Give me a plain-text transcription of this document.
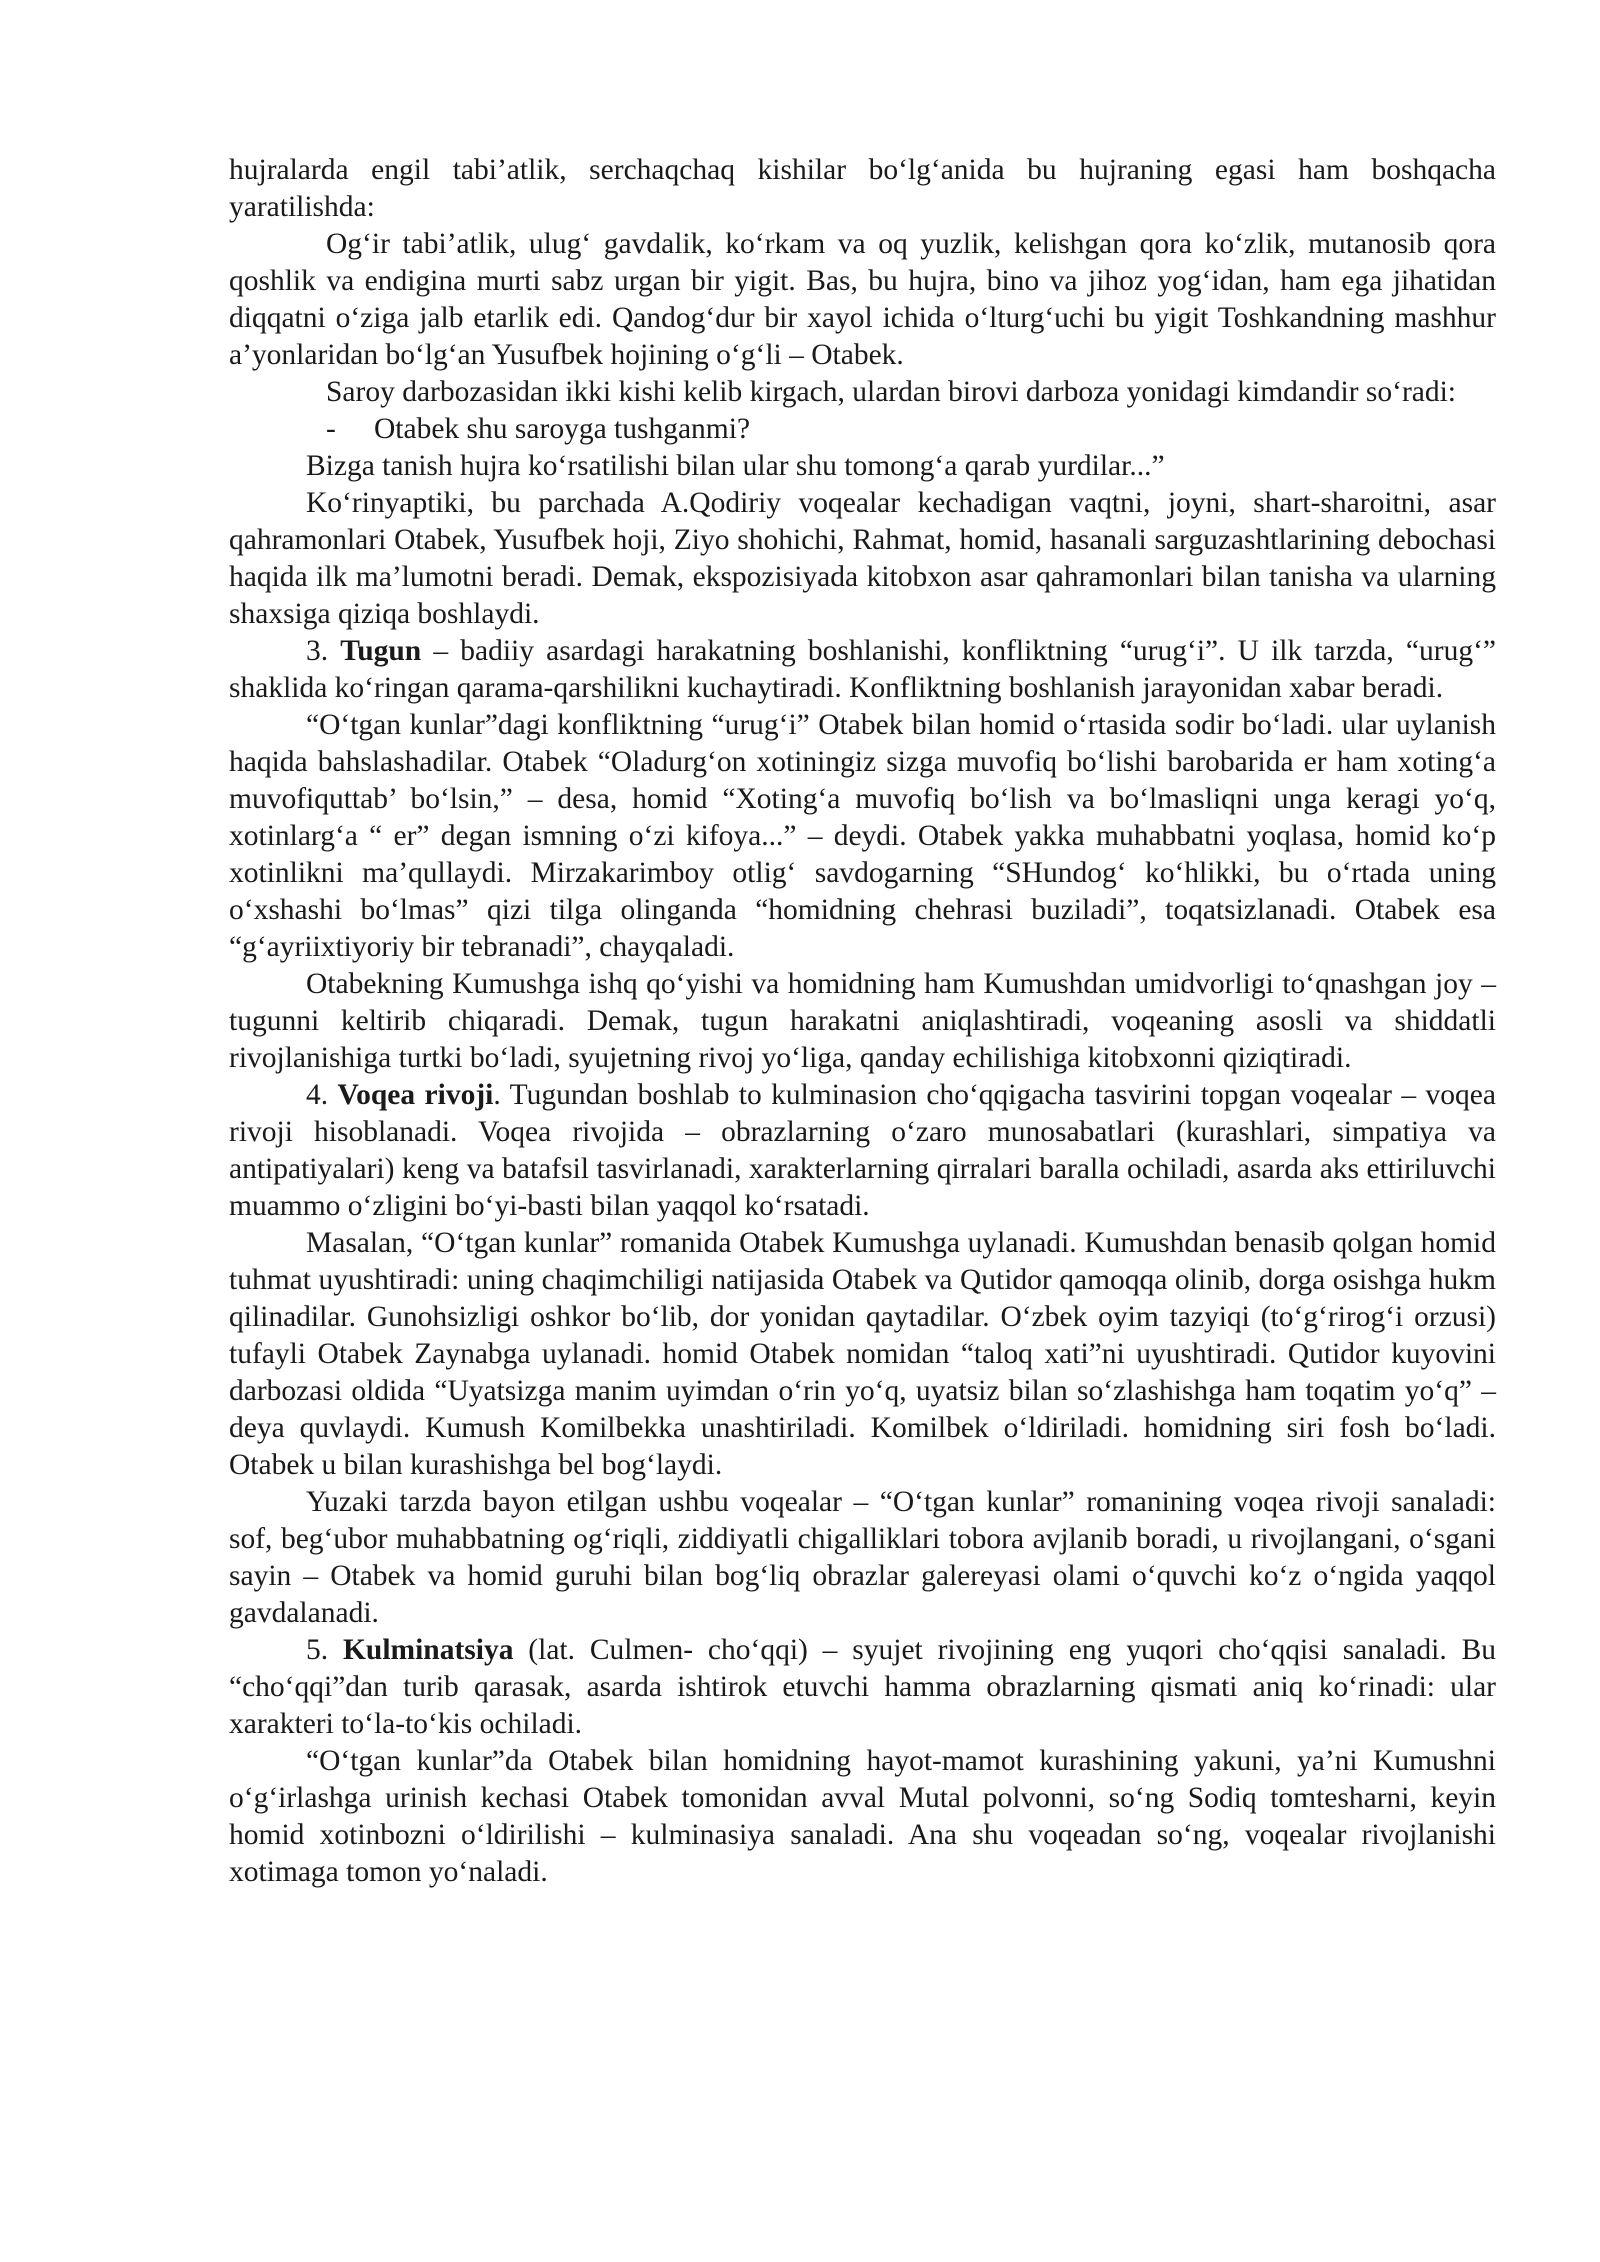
hujralarda engil tabi’atlik, serchaqchaq kishilar bo‘lg‘anida bu hujraning egasi ham boshqacha yaratilishda:

Og‘ir tabi’atlik, ulug‘ gavdalik, ko‘rkam va oq yuzlik, kelishgan qora ko‘zlik, mutanosib qora qoshlik va endigina murti sabz urgan bir yigit. Bas, bu hujra, bino va jihoz yog‘idan, ham ega jihatidan diqqatni o‘ziga jalb etarlik edi. Qandog‘dur bir xayol ichida o‘lturg‘uchi bu yigit Toshkandning mashhur a’yonlaridan bo‘lg‘an Yusufbek hojining o‘g‘li – Otabek.

Saroy darbozasidan ikki kishi kelib kirgach, ulardan birovi darboza yonidagi kimdandir so‘radi:

- Otabek shu saroyga tushganmi?

Bizga tanish hujra ko‘rsatilishi bilan ular shu tomong‘a qarab yurdilar...”

Ko‘rinyaptiki, bu parchada A.Qodiriy voqealar kechadigan vaqtni, joyni, shart-sharoitni, asar qahramonlari Otabek, Yusufbek hoji, Ziyo shohichi, Rahmat, homid, hasanali sarguzashtlarining debochasi haqida ilk ma’lumotni beradi. Demak, ekspozisiyada kitobxon asar qahramonlari bilan tanisha va ularning shaxsiga qiziqa boshlaydi.

3. Tugun – badiiy asardagi harakatning boshlanishi, konfliktning “urug‘i”. U ilk tarzda, “urug‘” shaklida ko‘ringan qarama-qarshilikni kuchaytiradi. Konfliktning boshlanish jarayonidan xabar beradi.

“O‘tgan kunlar”dagi konfliktning “urug‘i” Otabek bilan homid o‘rtasida sodir bo‘ladi. ular uylanish haqida bahslashadilar. Otabek “Oladurg‘on xotiningiz sizga muvofiq bo‘lishi barobarida er ham xoting‘a muvofiquttab’ bo‘lsin,” – desa, homid “Xoting‘a muvofiq bo‘lish va bo‘lmasliqni unga keragi yo‘q, xotinlarg‘a “ er” degan ismning o‘zi kifoya...” – deydi. Otabek yakka muhabbatni yoqlasa, homid ko‘p xotinlikni ma’qullaydi. Mirzakarimboy otlig‘ savdogarning “SHundog‘ ko‘hlikki, bu o‘rtada uning o‘xshashi bo‘lmas” qizi tilga olinganda “homidning chehrasi buziladi”, toqatsizlanadi. Otabek esa “g‘ayriixtiyoriy bir tebranadi”, chayqaladi.

Otabekning Kumushga ishq qo‘yishi va homidning ham Kumushdan umidvorligi to‘qnashgan joy – tugunni keltirib chiqaradi. Demak, tugun harakatni aniqlashtiradi, voqeaning asosli va shiddatli rivojlanishiga turtki bo‘ladi, syujetning rivoj yo‘liga, qanday echilishiga kitobxonni qiziqtiradi.

4. Voqea rivoji. Tugundan boshlab to kulminasion cho‘qqigacha tasvirini topgan voqealar – voqea rivoji hisoblanadi. Voqea rivojida – obrazlarning o‘zaro munosabatlari (kurashlari, simpatiya va antipatiyalari) keng va batafsil tasvirlanadi, xarakterlarning qirralari baralla ochiladi, asarda aks ettiriluvchi muammo o‘zligini bo‘yi-basti bilan yaqqol ko‘rsatadi.

Masalan, “O‘tgan kunlar” romanida Otabek Kumushga uylanadi. Kumushdan benasib qolgan homid tuhmat uyushtiradi: uning chaqimchiligi natijasida Otabek va Qutidor qamoqqa olinib, dorga osishga hukm qilinadilar. Gunohsizligi oshkor bo‘lib, dor yonidan qaytadilar. O‘zbek oyim tazyiqi (to‘g‘rirog‘i orzusi) tufayli Otabek Zaynabga uylanadi. homid Otabek nomidan “taloq xati”ni uyushtiradi. Qutidor kuyovini darbozasi oldida “Uyatsizga manim uyimdan o‘rin yo‘q, uyatsiz bilan so‘zlashishga ham toqatim yo‘q” – deya quvlaydi. Kumush Komilbekka unashtiriladi. Komilbek o‘ldiriladi. homidning siri fosh bo‘ladi. Otabek u bilan kurashishga bel bog‘laydi.

Yuzaki tarzda bayon etilgan ushbu voqealar – “O‘tgan kunlar” romanining voqea rivoji sanaladi: sof, beg‘ubor muhabbatning og‘riqli, ziddiyatli chigalliklari tobora avjlanib boradi, u rivojlangani, o‘sgani sayin – Otabek va homid guruhi bilan bog‘liq obrazlar galereyasi olami o‘quvchi ko‘z o‘ngida yaqqol gavdalanadi.

5. Kulminatsiya (lat. Culmen- cho‘qqi) – syujet rivojining eng yuqori cho‘qqisi sanaladi. Bu “cho‘qqi”dan turib qarasak, asarda ishtirok etuvchi hamma obrazlarning qismati aniq ko‘rinadi: ular xarakteri to‘la-to‘kis ochiladi.

“O‘tgan kunlar”da Otabek bilan homidning hayot-mamot kurashining yakuni, ya’ni Kumushni o‘g‘irlashga urinish kechasi Otabek tomonidan avval Mutal polvonni, so‘ng Sodiq tomtesharni, keyin homid xotinbozni o‘ldirilishi – kulminasiya sanaladi. Ana shu voqeadan so‘ng, voqealar rivojlanishi xotimaga tomon yo‘naladi.
